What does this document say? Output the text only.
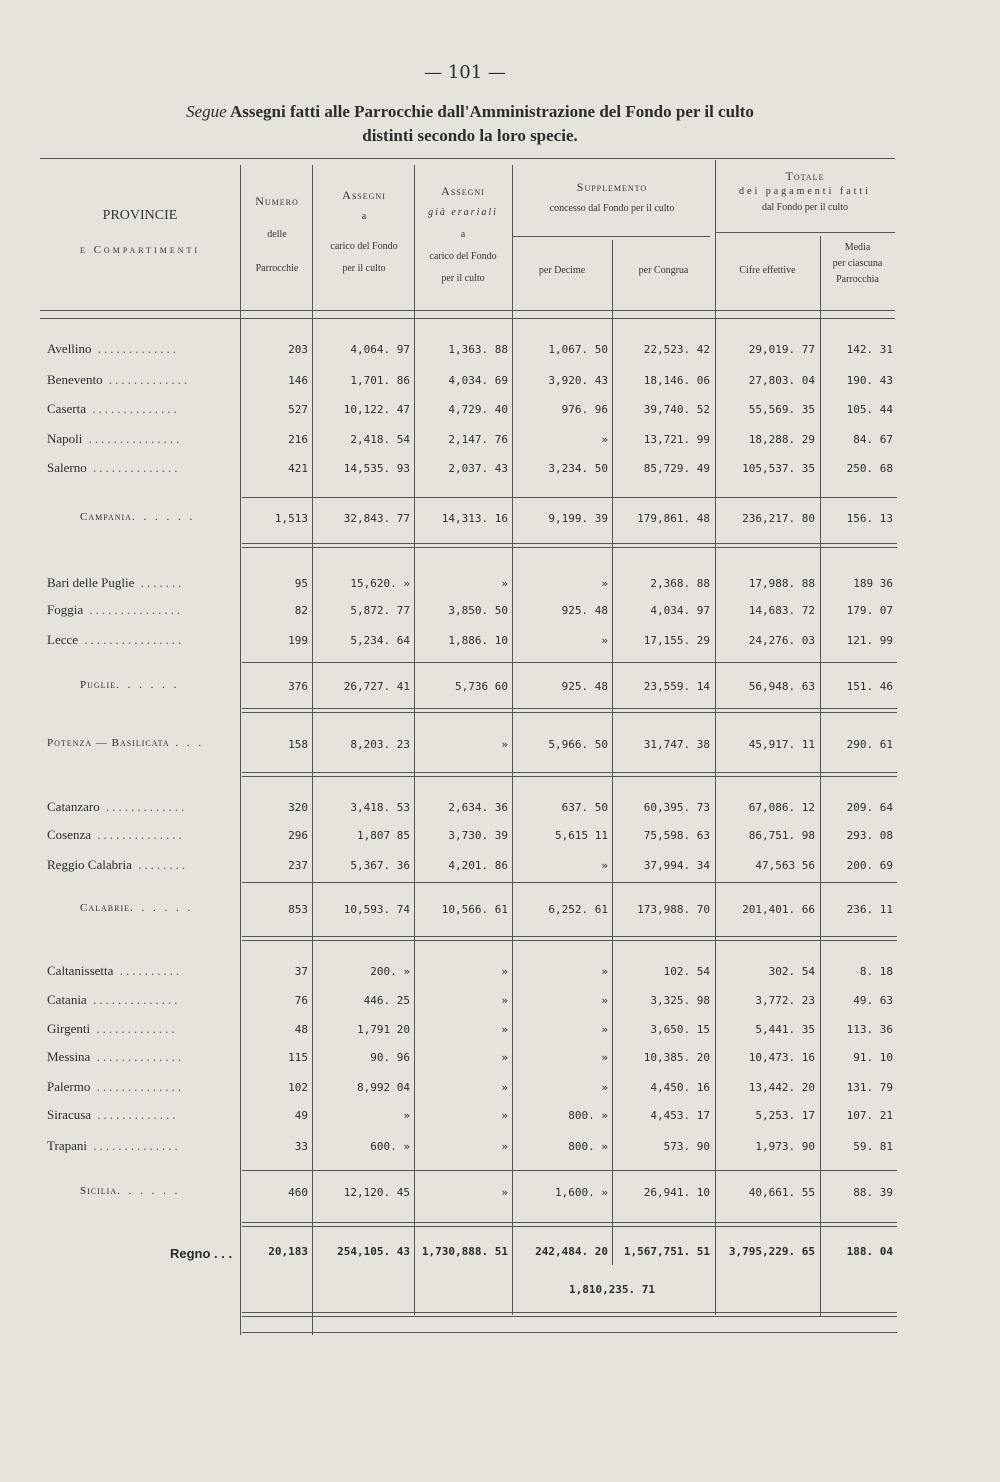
— 101 —
Segue Assegni fatti alle Parrocchie dall'Amministrazione del Fondo per il culto
distinti secondo la loro specie.
PROVINCIE
e Compartimenti
Numero
delle
Parrocchie
Assegni
a
carico del Fondo
per il culto
Assegni
già erariali
a
carico del Fondo
per il culto
Supplemento
concesso dal Fondo per il culto
per Decime	per Congrua
Totale
dei pagamenti fatti
dal Fondo per il culto
Cifre effettive
Media
per ciascuna
Parrocchia
Avellino .............	203	4,064. 97	1,363. 88	1,067. 50	22,523. 42	29,019. 77	142. 31
Benevento .............	146	1,701. 86	4,034. 69	3,920. 43	18,146. 06	27,803. 04	190. 43
Caserta ..............	527	10,122. 47	4,729. 40	976. 96	39,740. 52	55,569. 35	105. 44
Napoli ...............	216	2,418. 54	2,147. 76	»	13,721. 99	18,288. 29	84. 67
Salerno ..............	421	14,535. 93	2,037. 43	3,234. 50	85,729. 49	105,537. 35	250. 68
Campania. . . . . .	1,513	32,843. 77	14,313. 16	9,199. 39	179,861. 48	236,217. 80	156. 13
Bari delle Puglie .......	95	15,620. »	»	»	2,368. 88	17,988. 88	189 36
Foggia ...............	82	5,872. 77	3,850. 50	925. 48	4,034. 97	14,683. 72	179. 07
Lecce ................	199	5,234. 64	1,886. 10	»	17,155. 29	24,276. 03	121. 99
Puglie. . . . . .	376	26,727. 41	5,736 60	925. 48	23,559. 14	56,948. 63	151. 46
Potenza — Basilicata . . .	158	8,203. 23	»	5,966. 50	31,747. 38	45,917. 11	290. 61
Catanzaro .............	320	3,418. 53	2,634. 36	637. 50	60,395. 73	67,086. 12	209. 64
Cosenza ..............	296	1,807 85	3,730. 39	5,615 11	75,598. 63	86,751. 98	293. 08
Reggio Calabria ........	237	5,367. 36	4,201. 86	»	37,994. 34	47,563 56	200. 69
Calabrie. . . . . .	853	10,593. 74	10,566. 61	6,252. 61	173,988. 70	201,401. 66	236. 11
Caltanissetta ..........	37	200. »	»	»	102. 54	302. 54	8. 18
Catania ..............	76	446. 25	»	»	3,325. 98	3,772. 23	49. 63
Girgenti .............	48	1,791 20	»	»	3,650. 15	5,441. 35	113. 36
Messina ..............	115	90. 96	»	»	10,385. 20	10,473. 16	91. 10
Palermo ..............	102	8,992 04	»	»	4,450. 16	13,442. 20	131. 79
Siracusa .............	49	»	»	800. »	4,453. 17	5,253. 17	107. 21
Trapani ..............	33	600. »	»	800. »	573. 90	1,973. 90	59. 81
Sicilia. . . . . .	460	12,120. 45	»	1,600. »	26,941. 10	40,661. 55	88. 39
Regno . . .	20,183	254,105. 43	1,730,888. 51	242,484. 20	1,567,751. 51	3,795,229. 65	188. 04
1,810,235. 71
